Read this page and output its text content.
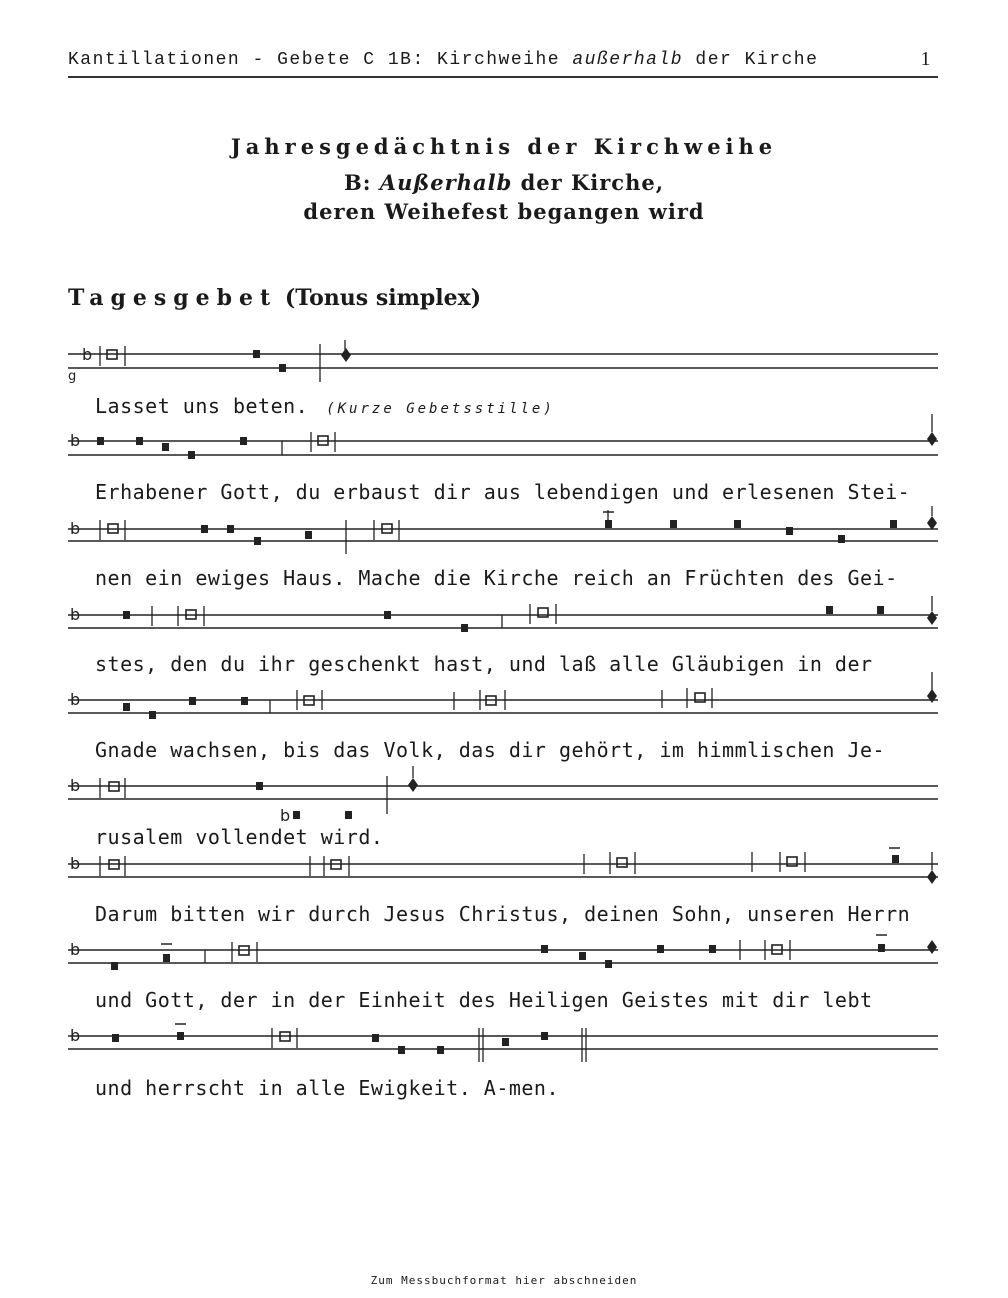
Kantillationen - Gebete C 1B: Kirchweihe außerhalb der Kirche	1
Jahresgedächtnis der Kirchweihe
B: Außerhalb der Kirche,
deren Weihefest begangen wird
Tagesgebet (Tonus simplex)
b
g
b
b
b
b
b
b
b
b
b
Lasset uns beten. (Kurze Gebetsstille)
Erhabener Gott, du erbaust dir aus lebendigen und erlesenen Stei-
nen ein ewiges Haus. Mache die Kirche reich an Früchten des Gei-
stes, den du ihr geschenkt hast, und laß alle Gläubigen in der
Gnade wachsen, bis das Volk, das dir gehört, im himmlischen Je-
rusalem vollendet wird.
Darum bitten wir durch Jesus Christus, deinen Sohn, unseren Herrn
und Gott, der in der Einheit des Heiligen Geistes mit dir lebt
und herrscht in alle Ewigkeit. A-men.
Zum Messbuchformat hier abschneiden
